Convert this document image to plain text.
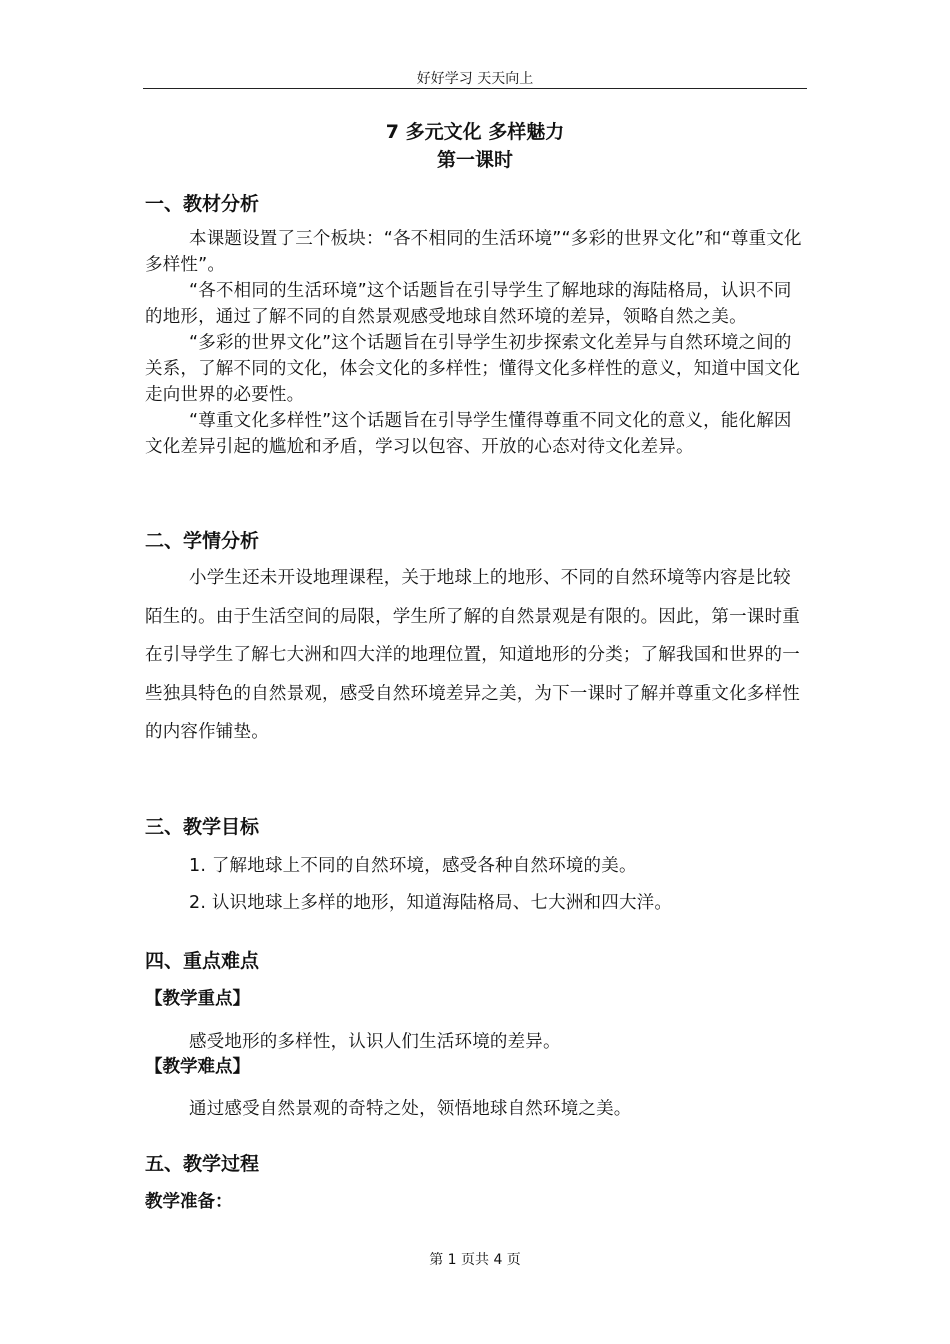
好好学习 天天向上
7 多元文化 多样魅力
第一课时
一、教材分析
本课题设置了三个板块：“各不相同的生活环境”“多彩的世界文化”和“尊重文化多样性”。
“各不相同的生活环境”这个话题旨在引导学生了解地球的海陆格局，认识不同的地形，通过了解不同的自然景观感受地球自然环境的差异，领略自然之美。
“多彩的世界文化”这个话题旨在引导学生初步探索文化差异与自然环境之间的关系，了解不同的文化，体会文化的多样性；懂得文化多样性的意义，知道中国文化走向世界的必要性。
“尊重文化多样性”这个话题旨在引导学生懂得尊重不同文化的意义，能化解因文化差异引起的尴尬和矛盾，学习以包容、开放的心态对待文化差异。
二、学情分析
小学生还未开设地理课程，关于地球上的地形、不同的自然环境等内容是比较陌生的。由于生活空间的局限，学生所了解的自然景观是有限的。因此，第一课时重在引导学生了解七大洲和四大洋的地理位置，知道地形的分类；了解我国和世界的一些独具特色的自然景观，感受自然环境差异之美，为下一课时了解并尊重文化多样性的内容作铺垫。
三、教学目标
1. 了解地球上不同的自然环境，感受各种自然环境的美。
2. 认识地球上多样的地形，知道海陆格局、七大洲和四大洋。
四、重点难点
【教学重点】
感受地形的多样性，认识人们生活环境的差异。
【教学难点】
通过感受自然景观的奇特之处，领悟地球自然环境之美。
五、教学过程
教学准备：
第 1 页共 4 页
